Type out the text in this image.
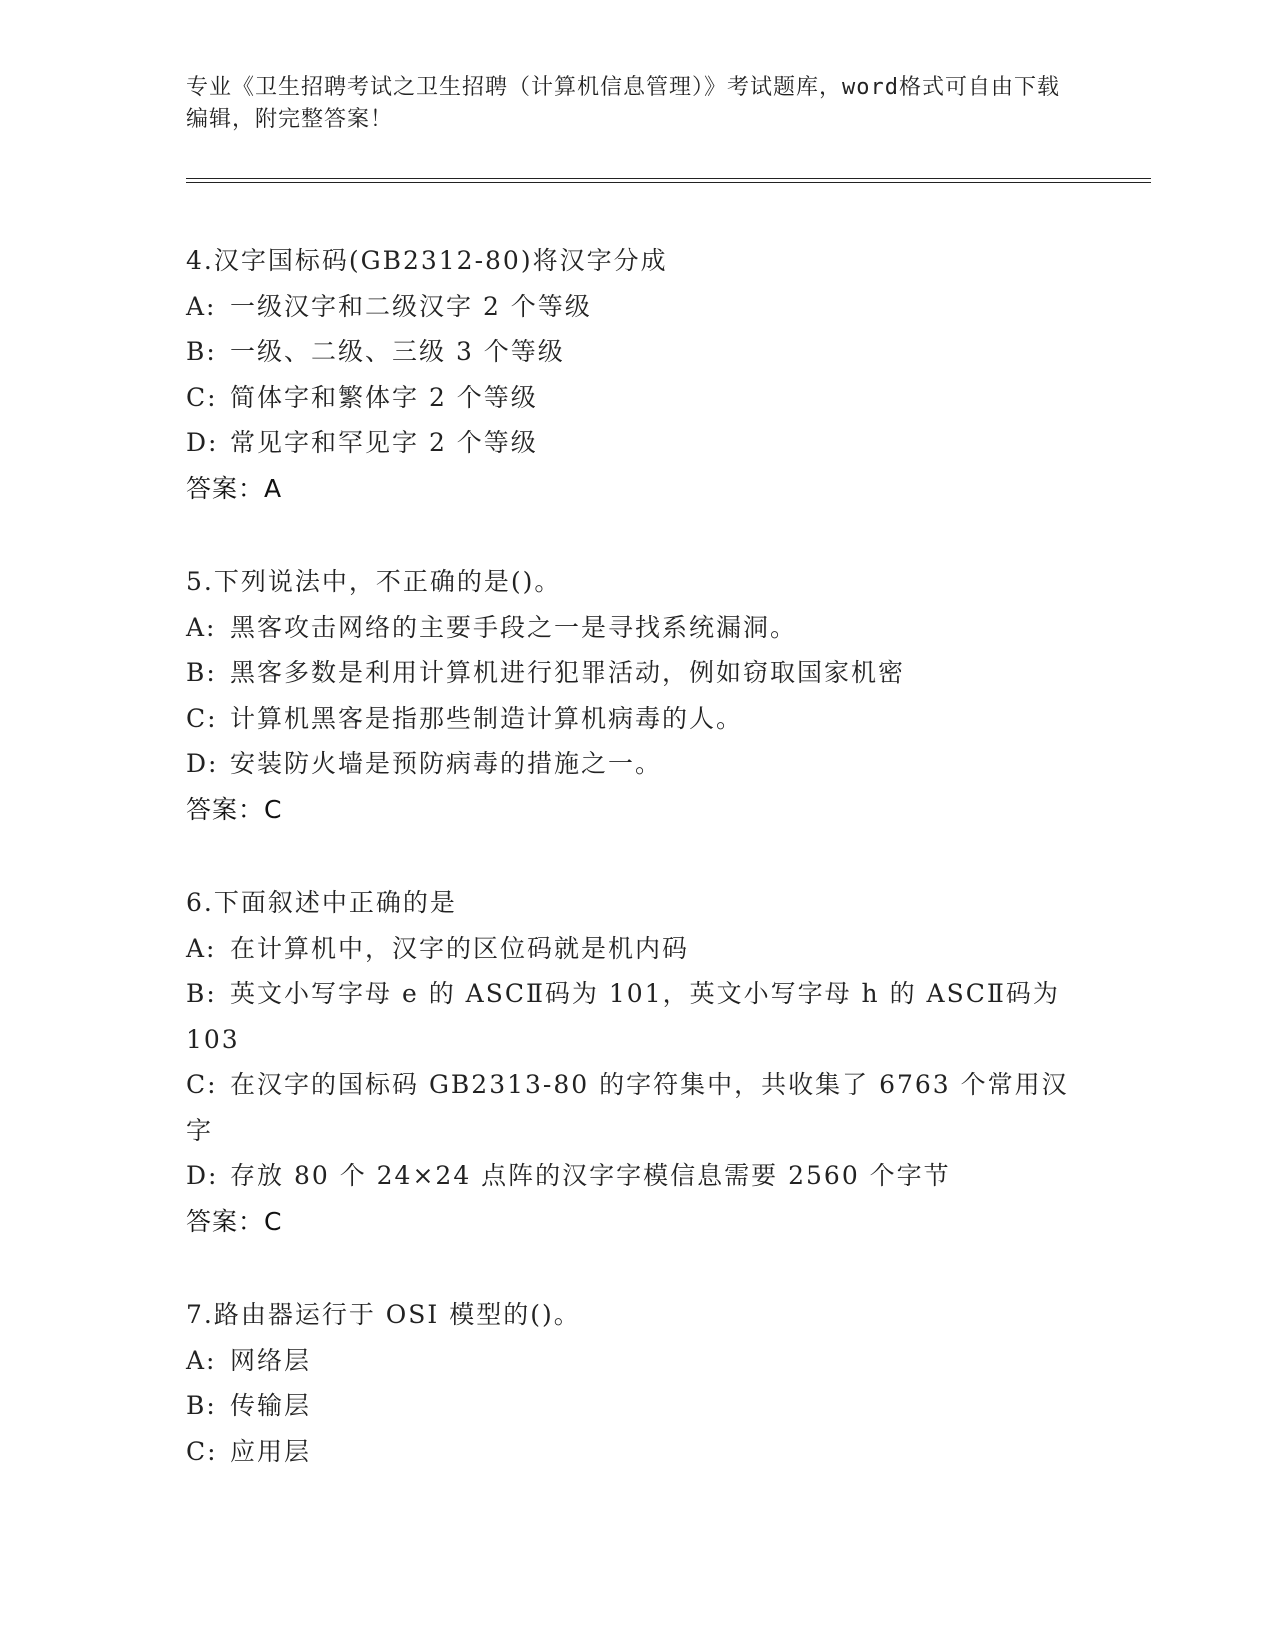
专业《卫生招聘考试之卫生招聘（计算机信息管理）》考试题库，word格式可自由下载编辑，附完整答案！
4.汉字国标码(GB2312-80)将汉字分成
A: 一级汉字和二级汉字 2 个等级
B: 一级、二级、三级 3 个等级
C: 简体字和繁体字 2 个等级
D: 常见字和罕见字 2 个等级
答案：A
5.下列说法中，不正确的是()。
A: 黑客攻击网络的主要手段之一是寻找系统漏洞。
B: 黑客多数是利用计算机进行犯罪活动，例如窃取国家机密
C: 计算机黑客是指那些制造计算机病毒的人。
D: 安装防火墙是预防病毒的措施之一。
答案：C
6.下面叙述中正确的是
A: 在计算机中，汉字的区位码就是机内码
B: 英文小写字母 e 的 ASCⅡ码为 101，英文小写字母 h 的 ASCⅡ码为 103
C: 在汉字的国标码 GB2313-80 的字符集中，共收集了 6763 个常用汉字
D: 存放 80 个 24×24 点阵的汉字字模信息需要 2560 个字节
答案：C
7.路由器运行于 OSI 模型的()。
A: 网络层
B: 传输层
C: 应用层
